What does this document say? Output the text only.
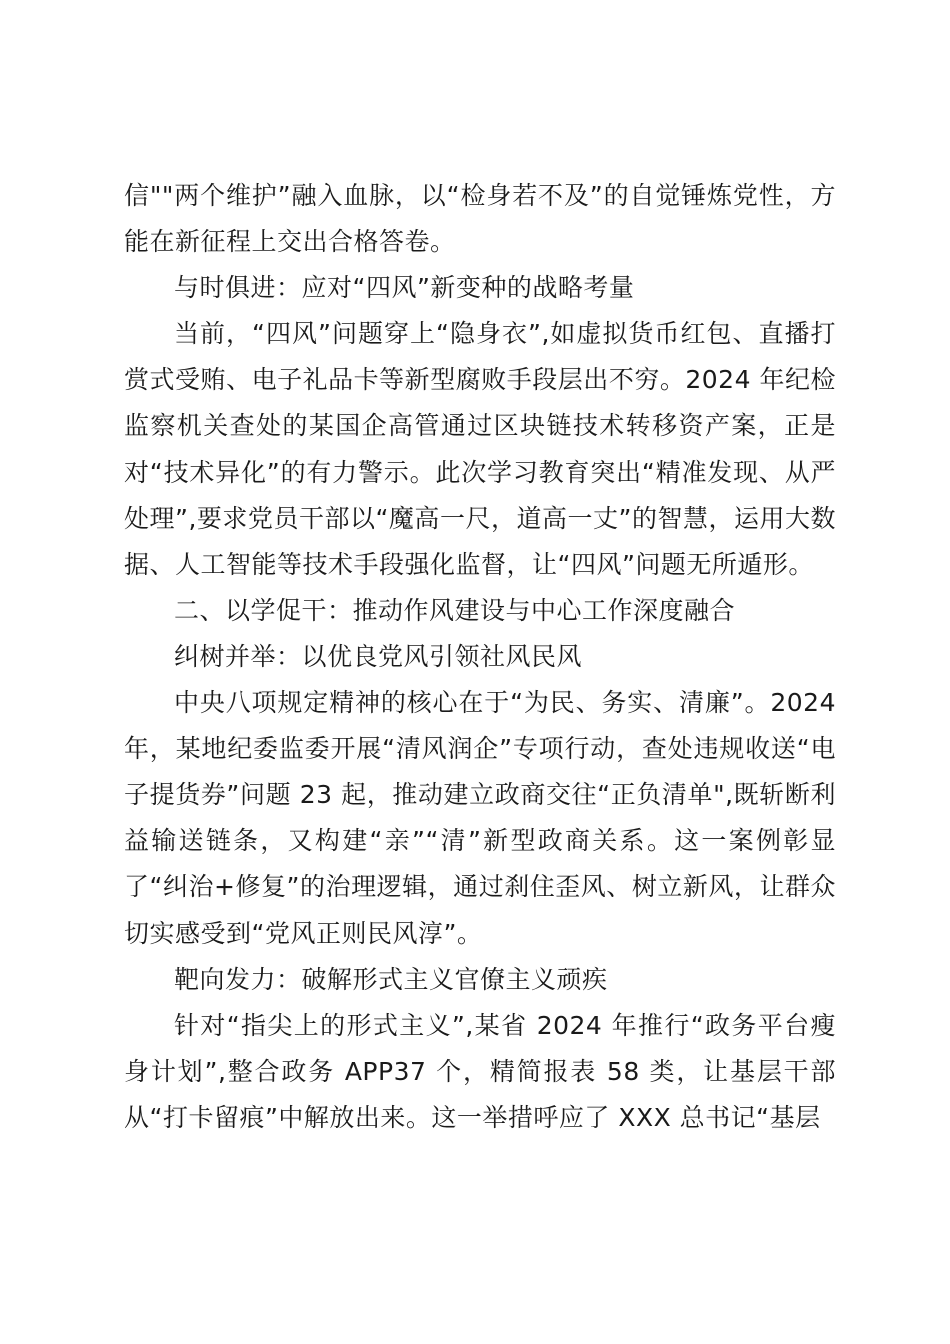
信""两个维护”融入血脉，以“检身若不及”的自觉锤炼党性，方能在新征程上交出合格答卷。

与时俱进：应对“四风”新变种的战略考量

当前，“四风”问题穿上“隐身衣”,如虚拟货币红包、直播打赏式受贿、电子礼品卡等新型腐败手段层出不穷。2024 年纪检监察机关查处的某国企高管通过区块链技术转移资产案，正是对“技术异化”的有力警示。此次学习教育突出“精准发现、从严处理”,要求党员干部以“魔高一尺，道高一丈”的智慧，运用大数据、人工智能等技术手段强化监督，让“四风”问题无所遁形。

二、以学促干：推动作风建设与中心工作深度融合

纠树并举：以优良党风引领社风民风

中央八项规定精神的核心在于“为民、务实、清廉”。2024 年，某地纪委监委开展“清风润企”专项行动，查处违规收送“电子提货券”问题 23 起，推动建立政商交往“正负清单",既斩断利益输送链条，又构建“亲”“清”新型政商关系。这一案例彰显了“纠治+修复”的治理逻辑，通过刹住歪风、树立新风，让群众切实感受到“党风正则民风淳”。

靶向发力：破解形式主义官僚主义顽疾

针对“指尖上的形式主义”,某省 2024 年推行“政务平台瘦身计划”,整合政务 APP37 个，精简报表 58 类，让基层干部从“打卡留痕”中解放出来。这一举措呼应了 XXX 总书记“基层
